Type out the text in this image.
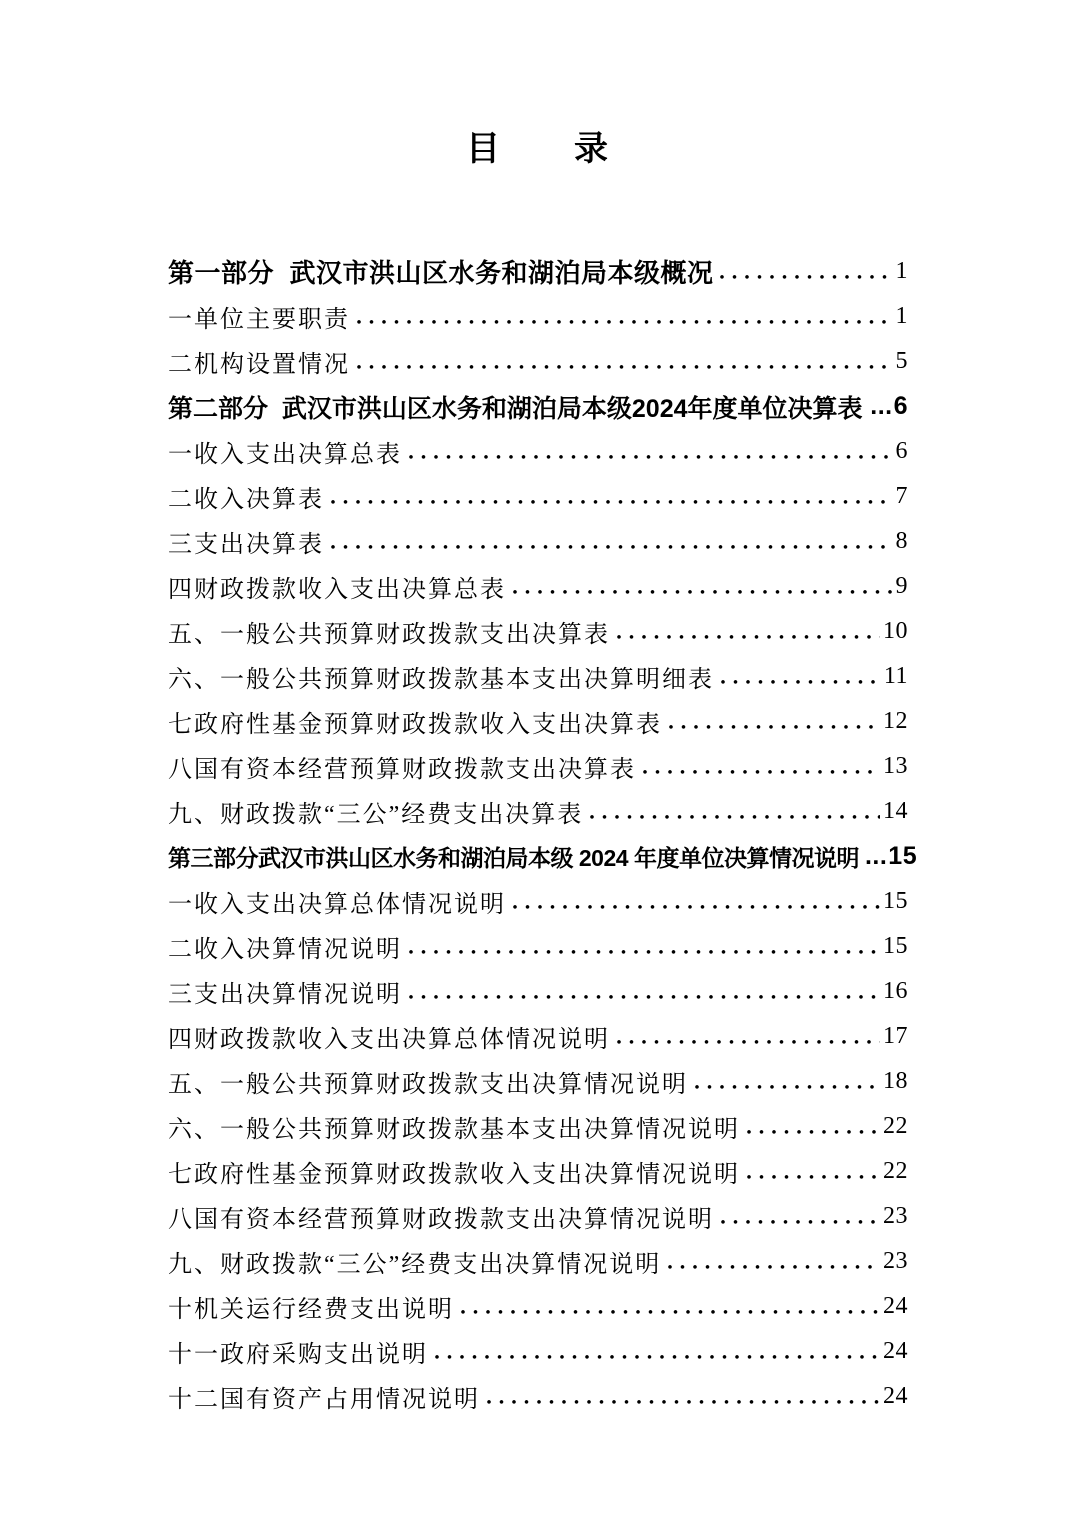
目　　录
第一部分  武汉市洪山区水务和湖泊局本级概况	1
一单位主要职责	1
二机构设置情况	5
第二部分  武汉市洪山区水务和湖泊局本级2024年度单位决算表 ... 6
一收入支出决算总表	6
二收入决算表	7
三支出决算表	8
四财政拨款收入支出决算总表	9
五、一般公共预算财政拨款支出决算表	10
六、一般公共预算财政拨款基本支出决算明细表	11
七政府性基金预算财政拨款收入支出决算表	12
八国有资本经营预算财政拨款支出决算表	13
九、财政拨款“三公”经费支出决算表	14
第三部分武汉市洪山区水务和湖泊局本级 2024 年度单位决算情况说明 ... 15
一收入支出决算总体情况说明	15
二收入决算情况说明	15
三支出决算情况说明	16
四财政拨款收入支出决算总体情况说明	17
五、一般公共预算财政拨款支出决算情况说明	18
六、一般公共预算财政拨款基本支出决算情况说明	22
七政府性基金预算财政拨款收入支出决算情况说明	22
八国有资本经营预算财政拨款支出决算情况说明	23
九、财政拨款“三公”经费支出决算情况说明	23
十机关运行经费支出说明	24
十一政府采购支出说明	24
十二国有资产占用情况说明	24
